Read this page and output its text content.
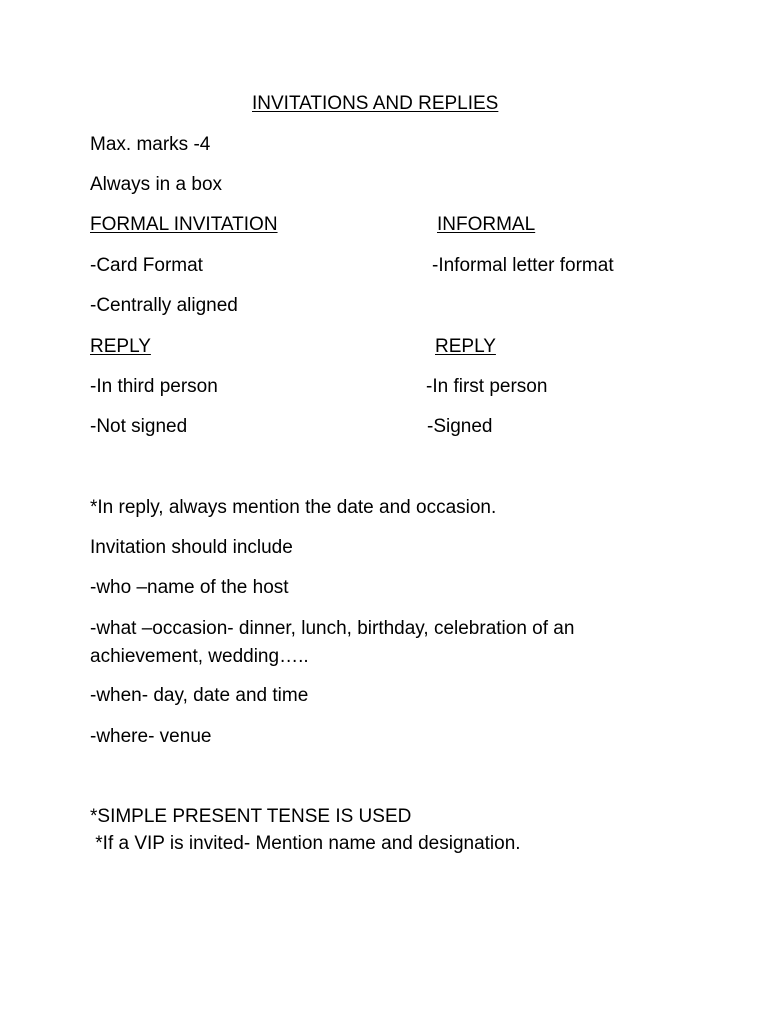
INVITATIONS AND REPLIES
Max. marks -4
Always in a box
FORMAL INVITATION	INFORMAL
-Card Format	-Informal letter format
-Centrally aligned
REPLY	REPLY
-In third person	-In first person
-Not signed	-Signed
*In reply, always mention the date and occasion.
Invitation should include
-who –name of the host
-what –occasion- dinner, lunch, birthday, celebration of an achievement, wedding…..
-when- day, date and time
-where- venue
*SIMPLE PRESENT TENSE IS USED
*If a VIP is invited- Mention name and designation.
